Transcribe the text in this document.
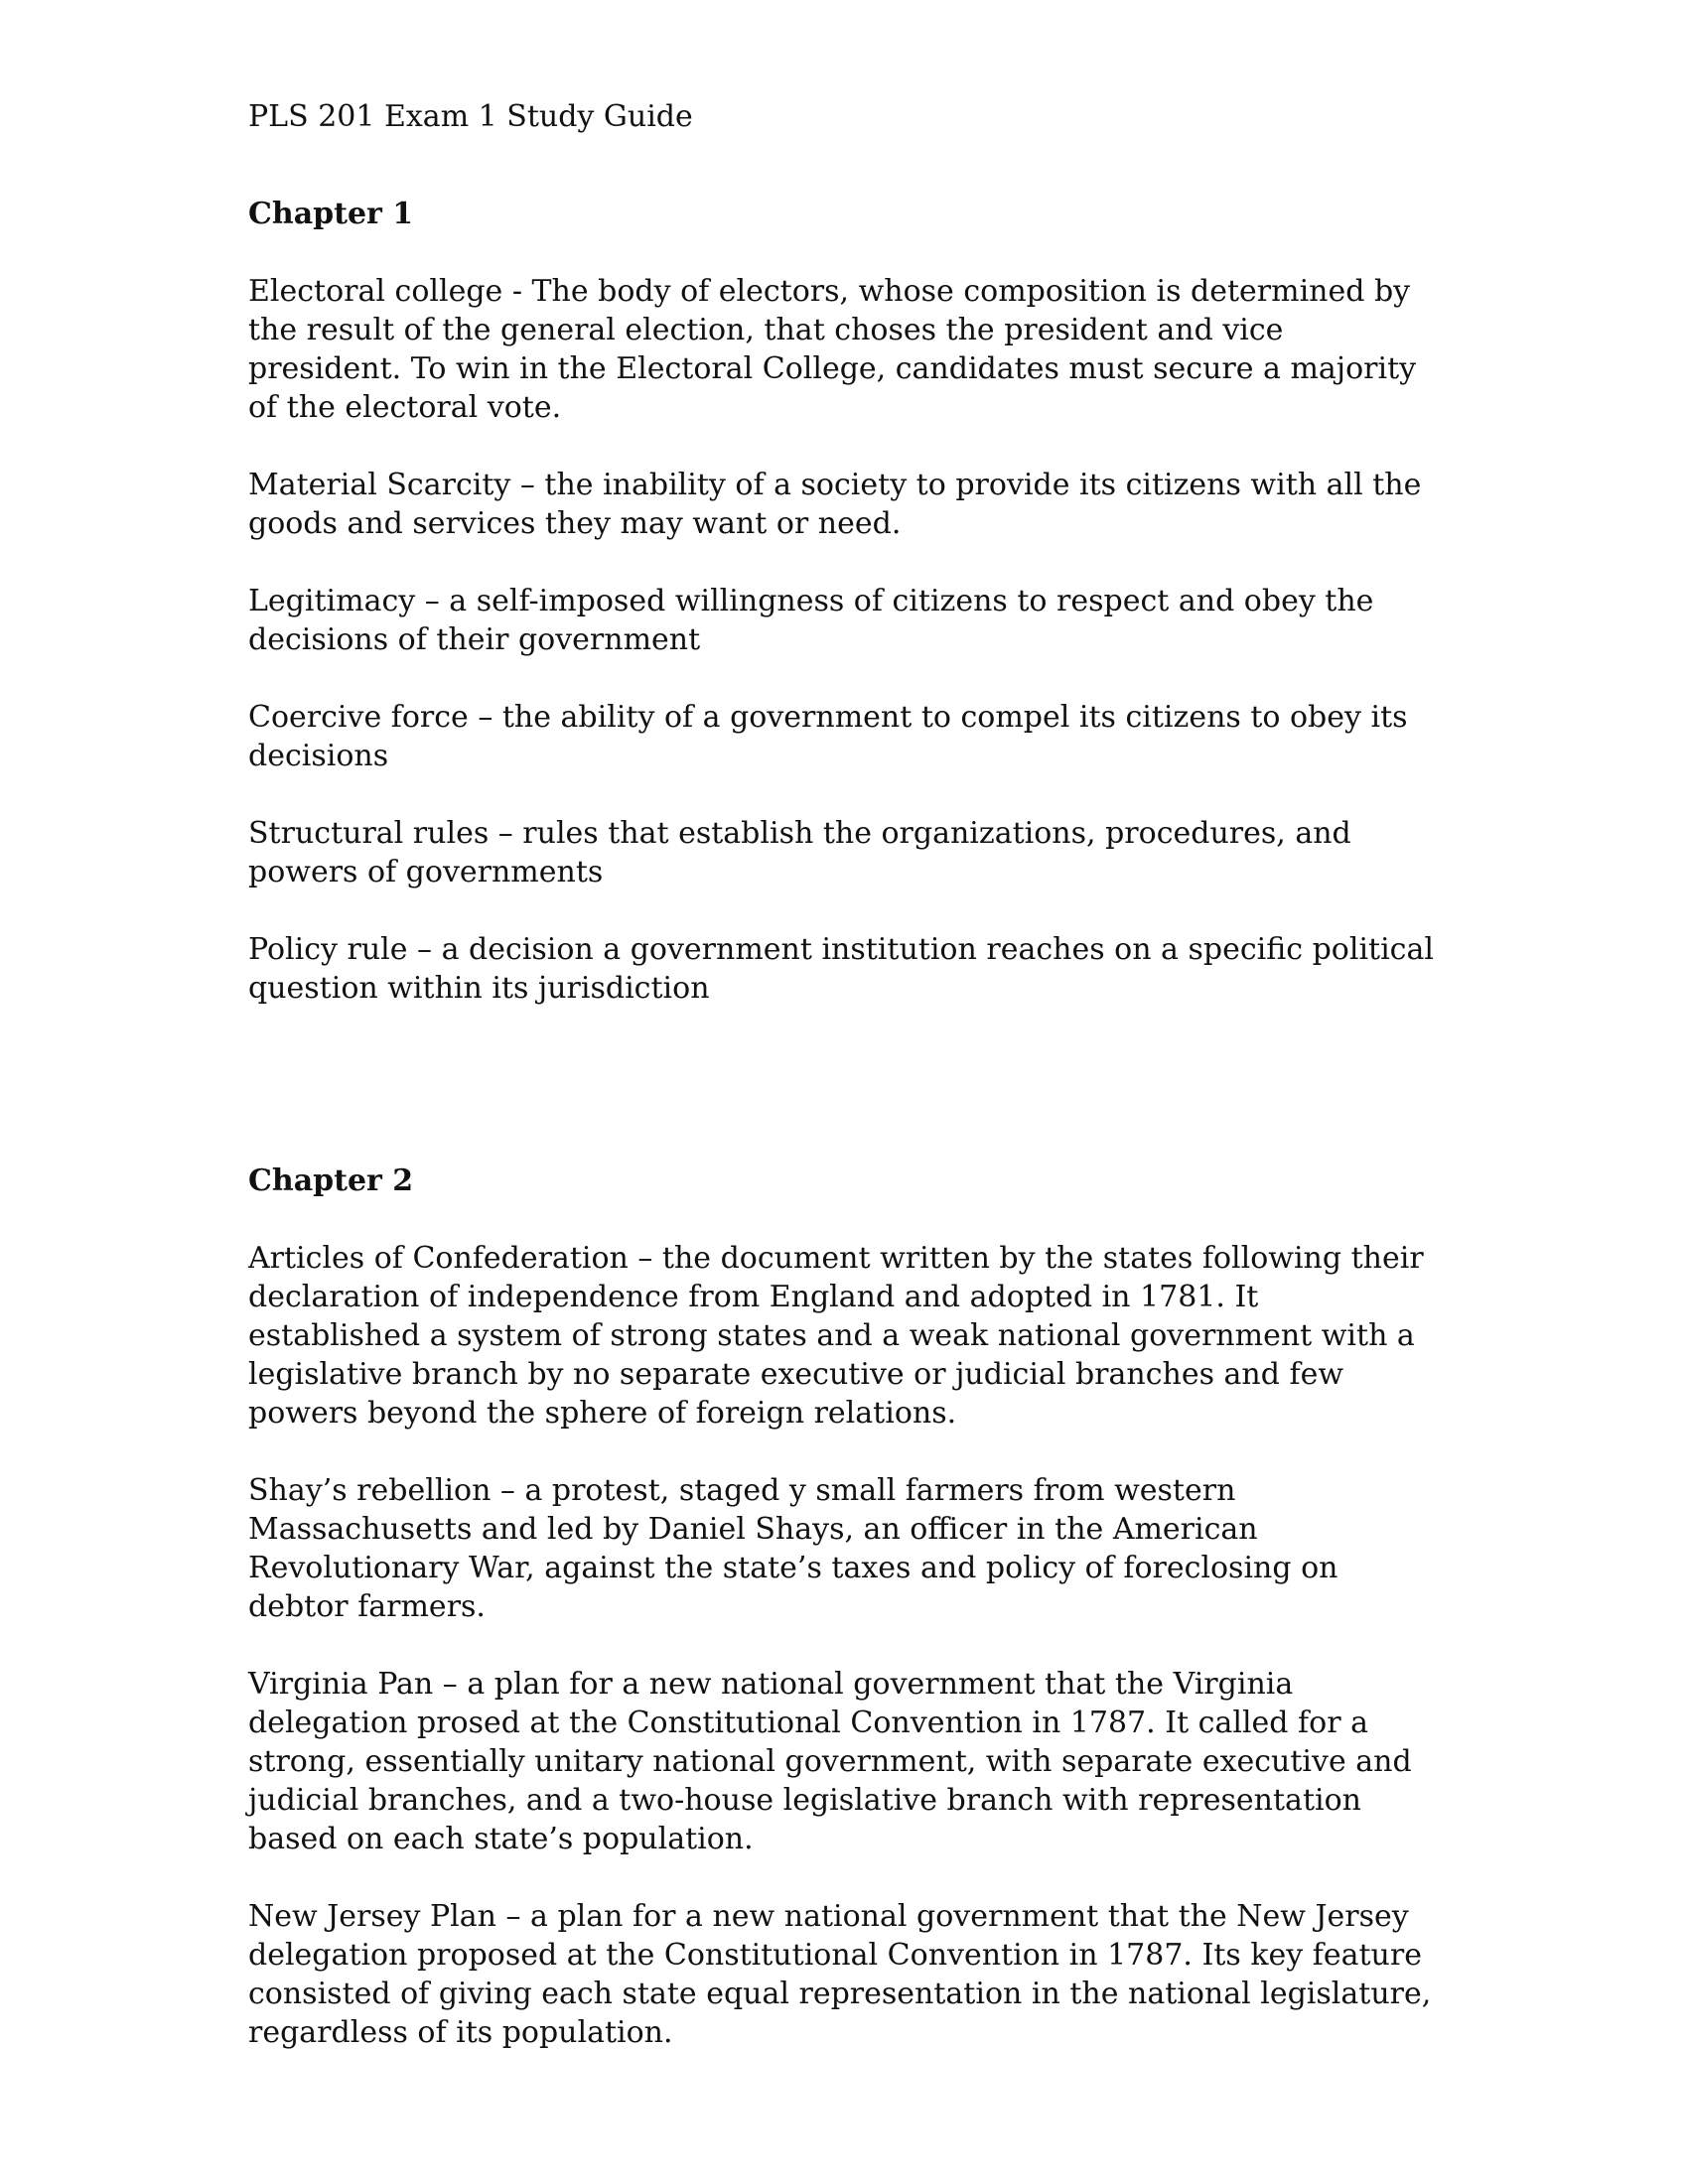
PLS 201 Exam 1 Study Guide
Chapter 1

Electoral college - The body of electors, whose composition is determined by the result of the general election, that choses the president and vice president. To win in the Electoral College, candidates must secure a majority of the electoral vote.

Material Scarcity – the inability of a society to provide its citizens with all the goods and services they may want or need.

Legitimacy – a self-imposed willingness of citizens to respect and obey the decisions of their government

Coercive force – the ability of a government to compel its citizens to obey its decisions

Structural rules – rules that establish the organizations, procedures, and powers of governments

Policy rule – a decision a government institution reaches on a specific political question within its jurisdiction

Chapter 2

Articles of Confederation – the document written by the states following their declaration of independence from England and adopted in 1781. It established a system of strong states and a weak national government with a legislative branch by no separate executive or judicial branches and few powers beyond the sphere of foreign relations.

Shay’s rebellion – a protest, staged y small farmers from western Massachusetts and led by Daniel Shays, an officer in the American Revolutionary War, against the state’s taxes and policy of foreclosing on debtor farmers.

Virginia Pan – a plan for a new national government that the Virginia delegation prosed at the Constitutional Convention in 1787. It called for a strong, essentially unitary national government, with separate executive and judicial branches, and a two-house legislative branch with representation based on each state’s population.

New Jersey Plan – a plan for a new national government that the New Jersey delegation proposed at the Constitutional Convention in 1787. Its key feature consisted of giving each state equal representation in the national legislature, regardless of its population.
